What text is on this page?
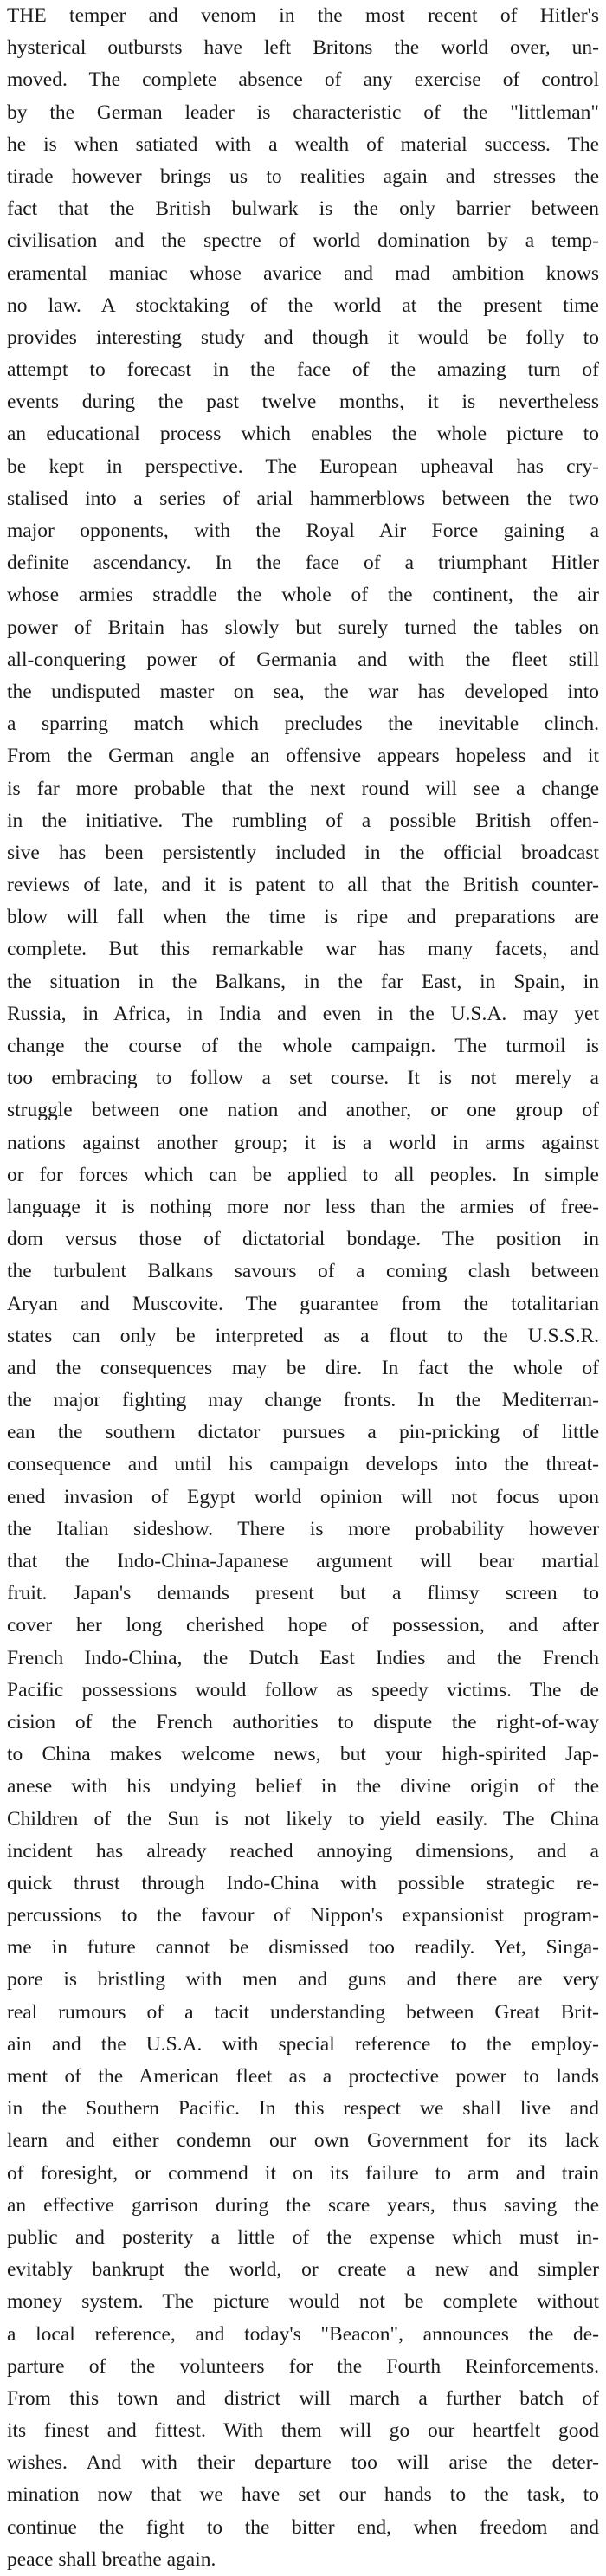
THE temper and venom in the most recent of Hitler's
hysterical outbursts have left Britons the world over, un-
moved. The complete absence of any exercise of control
by the German leader is characteristic of the "littleman"
he is when satiated with a wealth of material success. The
tirade however brings us to realities again and stresses the
fact that the British bulwark is the only barrier between
civilisation and the spectre of world domination by a temp-
eramental maniac whose avarice and mad ambition knows
no law. A stocktaking of the world at the present time
provides interesting study and though it would be folly to
attempt to forecast in the face of the amazing turn of
events during the past twelve months, it is nevertheless
an educational process which enables the whole picture to
be kept in perspective. The European upheaval has cry-
stalised into a series of arial hammerblows between the two
major opponents, with the Royal Air Force gaining a
definite ascendancy. In the face of a triumphant Hitler
whose armies straddle the whole of the continent, the air
power of Britain has slowly but surely turned the tables on
all-conquering power of Germania and with the fleet still
the undisputed master on sea, the war has developed into
a sparring match which precludes the inevitable clinch.
From the German angle an offensive appears hopeless and it
is far more probable that the next round will see a change
in the initiative. The rumbling of a possible British offen-
sive has been persistently included in the official broadcast
reviews of late, and it is patent to all that the British counter-
blow will fall when the time is ripe and preparations are
complete. But this remarkable war has many facets, and
the situation in the Balkans, in the far East, in Spain, in
Russia, in Africa, in India and even in the U.S.A. may yet
change the course of the whole campaign. The turmoil is
too embracing to follow a set course. It is not merely a
struggle between one nation and another, or one group of
nations against another group; it is a world in arms against
or for forces which can be applied to all peoples. In simple
language it is nothing more nor less than the armies of free-
dom versus those of dictatorial bondage. The position in
the turbulent Balkans savours of a coming clash between
Aryan and Muscovite. The guarantee from the totalitarian
states can only be interpreted as a flout to the U.S.S.R.
and the consequences may be dire. In fact the whole of
the major fighting may change fronts. In the Mediterran-
ean the southern dictator pursues a pin-pricking of little
consequence and until his campaign develops into the threat-
ened invasion of Egypt world opinion will not focus upon
the Italian sideshow. There is more probability however
that the Indo-China-Japanese argument will bear martial
fruit. Japan's demands present but a flimsy screen to
cover her long cherished hope of possession, and after
French Indo-China, the Dutch East Indies and the French
Pacific possessions would follow as speedy victims. The de
cision of the French authorities to dispute the right-of-way
to China makes welcome news, but your high-spirited Jap-
anese with his undying belief in the divine origin of the
Children of the Sun is not likely to yield easily. The China
incident has already reached annoying dimensions, and a
quick thrust through Indo-China with possible strategic re-
percussions to the favour of Nippon's expansionist program-
me in future cannot be dismissed too readily. Yet, Singa-
pore is bristling with men and guns and there are very
real rumours of a tacit understanding between Great Brit-
ain and the U.S.A. with special reference to the employ-
ment of the American fleet as a proctective power to lands
in the Southern Pacific. In this respect we shall live and
learn and either condemn our own Government for its lack
of foresight, or commend it on its failure to arm and train
an effective garrison during the scare years, thus saving the
public and posterity a little of the expense which must in-
evitably bankrupt the world, or create a new and simpler
money system. The picture would not be complete without
a local reference, and today's "Beacon", announces the de-
parture of the volunteers for the Fourth Reinforcements.
From this town and district will march a further batch of
its finest and fittest. With them will go our heartfelt good
wishes. And with their departure too will arise the deter-
mination now that we have set our hands to the task, to
continue the fight to the bitter end, when freedom and
peace shall breathe again.
